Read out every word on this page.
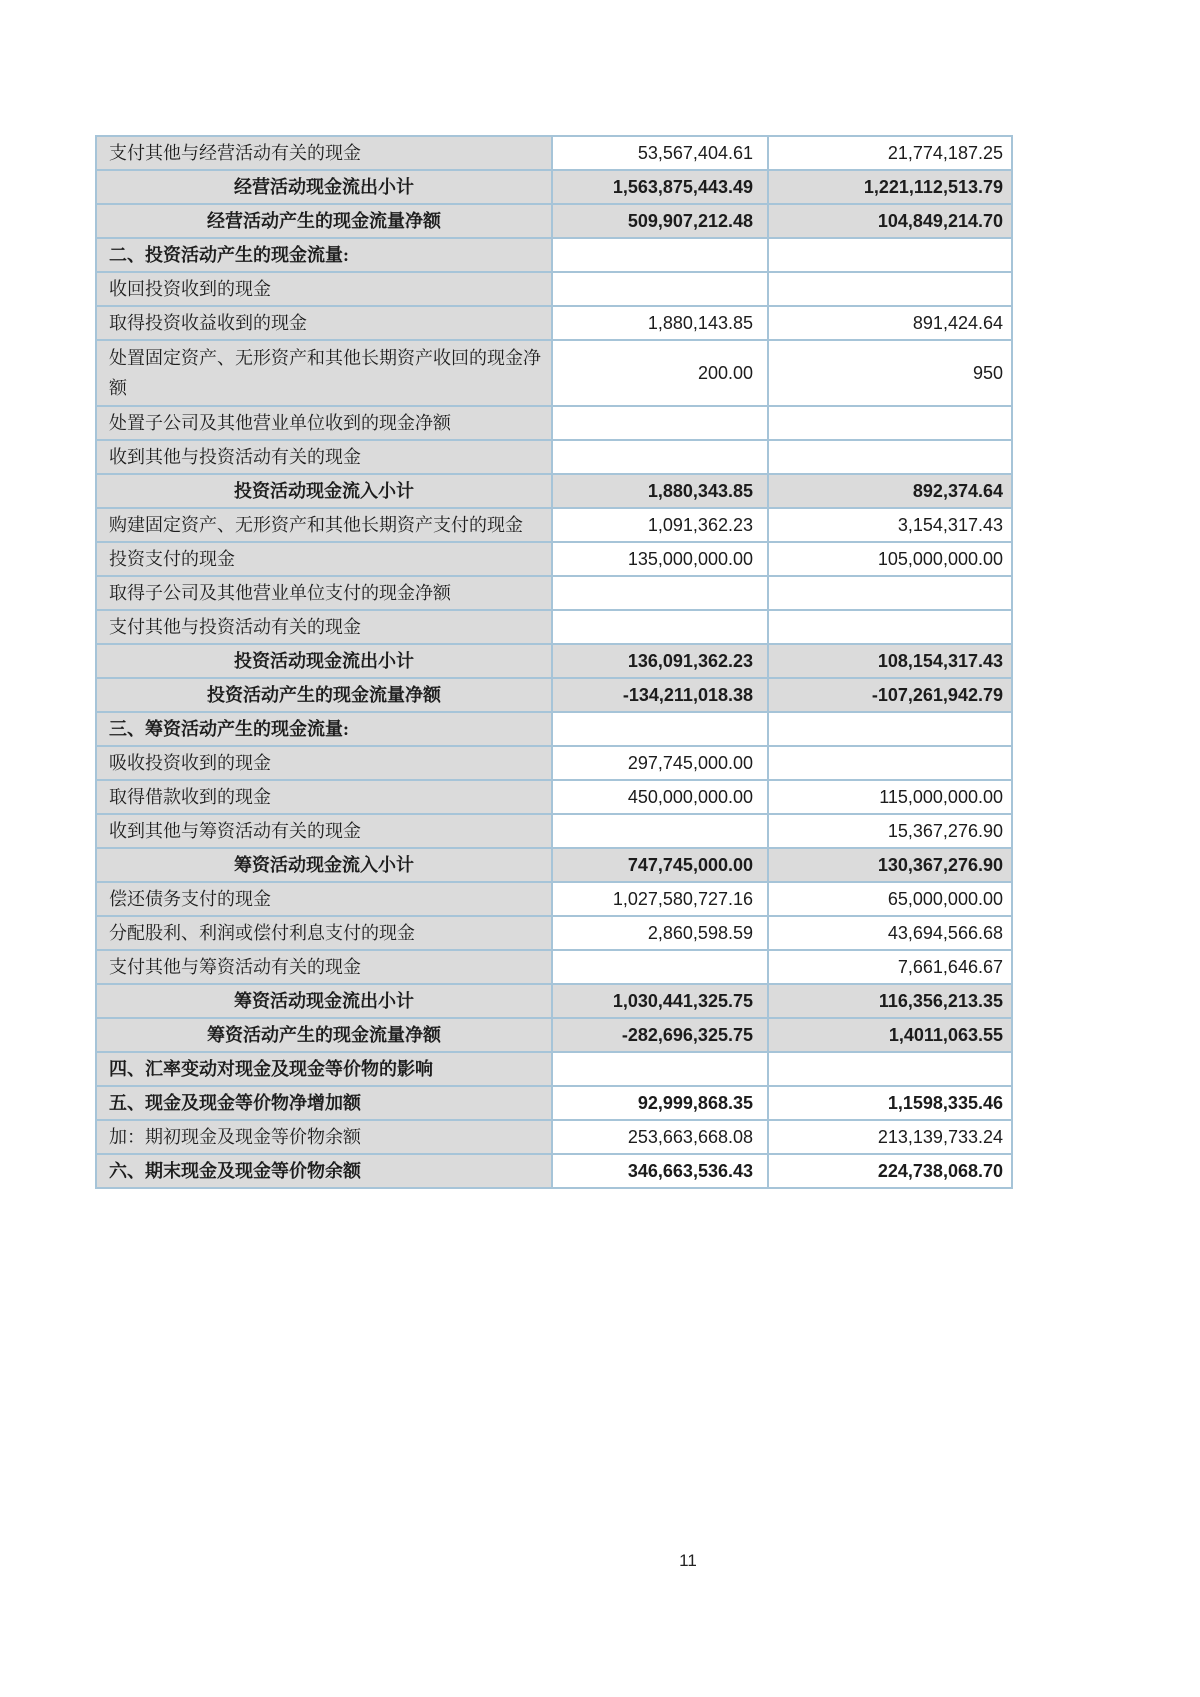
支付其他与经营活动有关的现金	53,567,404.61	21,774,187.25
经营活动现金流出小计	1,563,875,443.49	1,221,112,513.79
经营活动产生的现金流量净额	509,907,212.48	104,849,214.70
二、投资活动产生的现金流量:		
收回投资收到的现金		
取得投资收益收到的现金	1,880,143.85	891,424.64
处置固定资产、无形资产和其他长期资产收回的现金净额	200.00	950
处置子公司及其他营业单位收到的现金净额		
收到其他与投资活动有关的现金		
投资活动现金流入小计	1,880,343.85	892,374.64
购建固定资产、无形资产和其他长期资产支付的现金	1,091,362.23	3,154,317.43
投资支付的现金	135,000,000.00	105,000,000.00
取得子公司及其他营业单位支付的现金净额		
支付其他与投资活动有关的现金		
投资活动现金流出小计	136,091,362.23	108,154,317.43
投资活动产生的现金流量净额	-134,211,018.38	-107,261,942.79
三、筹资活动产生的现金流量:		
吸收投资收到的现金	297,745,000.00	
取得借款收到的现金	450,000,000.00	115,000,000.00
收到其他与筹资活动有关的现金		15,367,276.90
筹资活动现金流入小计	747,745,000.00	130,367,276.90
偿还债务支付的现金	1,027,580,727.16	65,000,000.00
分配股利、利润或偿付利息支付的现金	2,860,598.59	43,694,566.68
支付其他与筹资活动有关的现金		7,661,646.67
筹资活动现金流出小计	1,030,441,325.75	116,356,213.35
筹资活动产生的现金流量净额	-282,696,325.75	1,4011,063.55
四、汇率变动对现金及现金等价物的影响		
五、现金及现金等价物净增加额	92,999,868.35	1,1598,335.46
加：期初现金及现金等价物余额	253,663,668.08	213,139,733.24
六、期末现金及现金等价物余额	346,663,536.43	224,738,068.70
11
